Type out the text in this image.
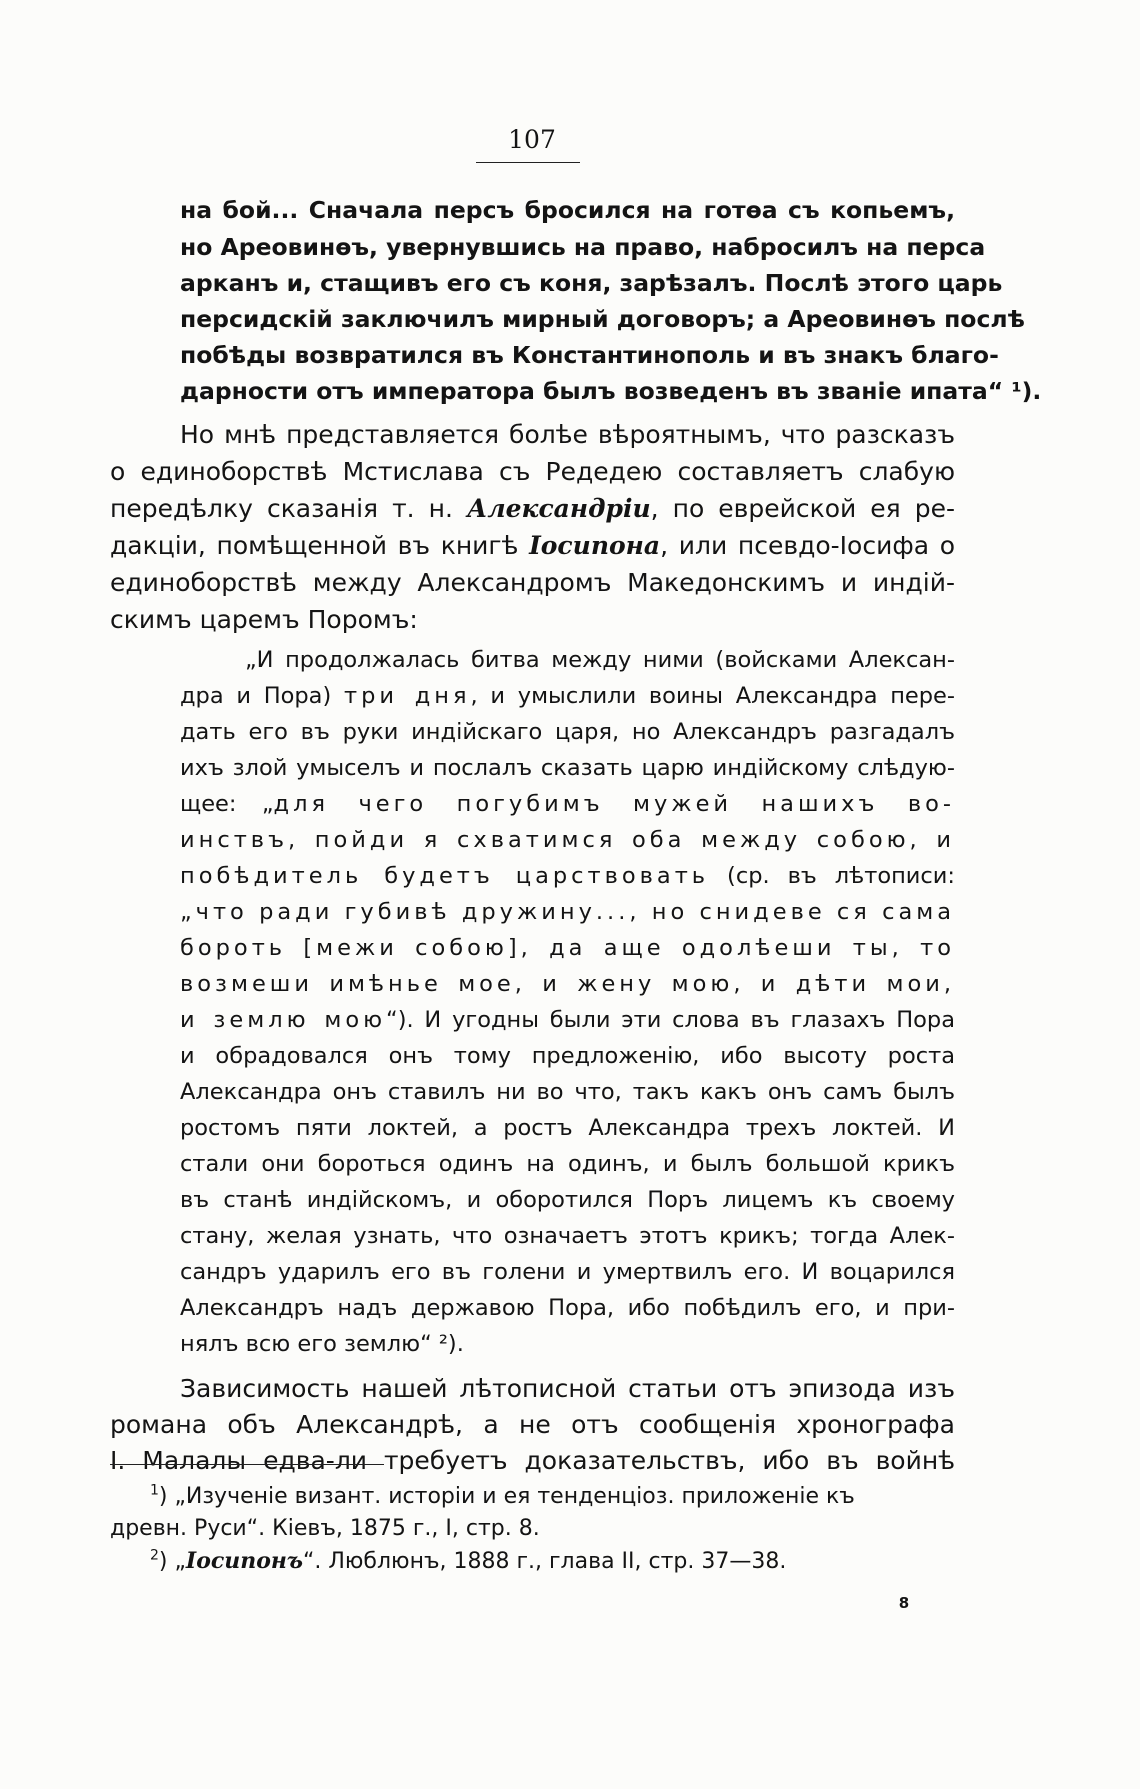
107
на бой... Сначала персъ бросился на готѳа съ копьемъ,
но Ареовинѳъ, увернувшись на право, набросилъ на перса
арканъ и, стащивъ его съ коня, зарѣзалъ. Послѣ этого царь
персидскій заключилъ мирный договоръ; а Ареовинѳъ послѣ
побѣды возвратился въ Константинополь и въ знакъ благо-
дарности отъ императора былъ возведенъ въ званіе ипата“ ¹).
Но мнѣ представляется болѣе вѣроятнымъ, что разсказъ
о единоборствѣ Мстислава съ Редедею составляетъ слабую
передѣлку сказанія т. н. Александріи, по еврейской ея ре-
дакціи, помѣщенной въ книгѣ Іосипона, или псевдо-Іосифа о
единоборствѣ между Александромъ Македонскимъ и индій-
скимъ царемъ Поромъ:
„И продолжалась битва между ними (войсками Алексан-
дра и Пора) три дня, и умыслили воины Александра пере-
дать его въ руки индійскаго царя, но Александръ разгадалъ
ихъ злой умыселъ и послалъ сказать царю индійскому слѣдую-
щее: „для чего погубимъ мужей нашихъ во-
инствъ, пойди я схватимся оба между собою, и
побѣдитель будетъ царствовать (ср. въ лѣтописи:
„что ради губивѣ дружину..., но снидеве ся сама
бороть [межи собою], да аще одолѣеши ты, то
возмеши имѣнье мое, и жену мою, и дѣти мои,
и землю мою“). И угодны были эти слова въ глазахъ Пора
и обрадовался онъ тому предложенію, ибо высоту роста
Александра онъ ставилъ ни во что, такъ какъ онъ самъ былъ
ростомъ пяти локтей, а ростъ Александра трехъ локтей. И
стали они бороться одинъ на одинъ, и былъ большой крикъ
въ станѣ индійскомъ, и оборотился Поръ лицемъ къ своему
стану, желая узнать, что означаетъ этотъ крикъ; тогда Алек-
сандръ ударилъ его въ голени и умертвилъ его. И воцарился
Александръ надъ державою Пора, ибо побѣдилъ его, и при-
нялъ всю его землю“ ²).
Зависимость нашей лѣтописной статьи отъ эпизода изъ
романа объ Александрѣ, а не отъ сообщенія хронографа
І. Малалы едва-ли требуетъ доказательствъ, ибо въ войнѣ
$^1$) „Изученіе визант. исторіи и ея тенденціоз. приложеніе къ
древн. Руси“. Кіевъ, 1875 г., I, стр. 8.
$^2$) „Іосипонъ“. Люблюнъ, 1888 г., глава II, стр. 37—38.
8
